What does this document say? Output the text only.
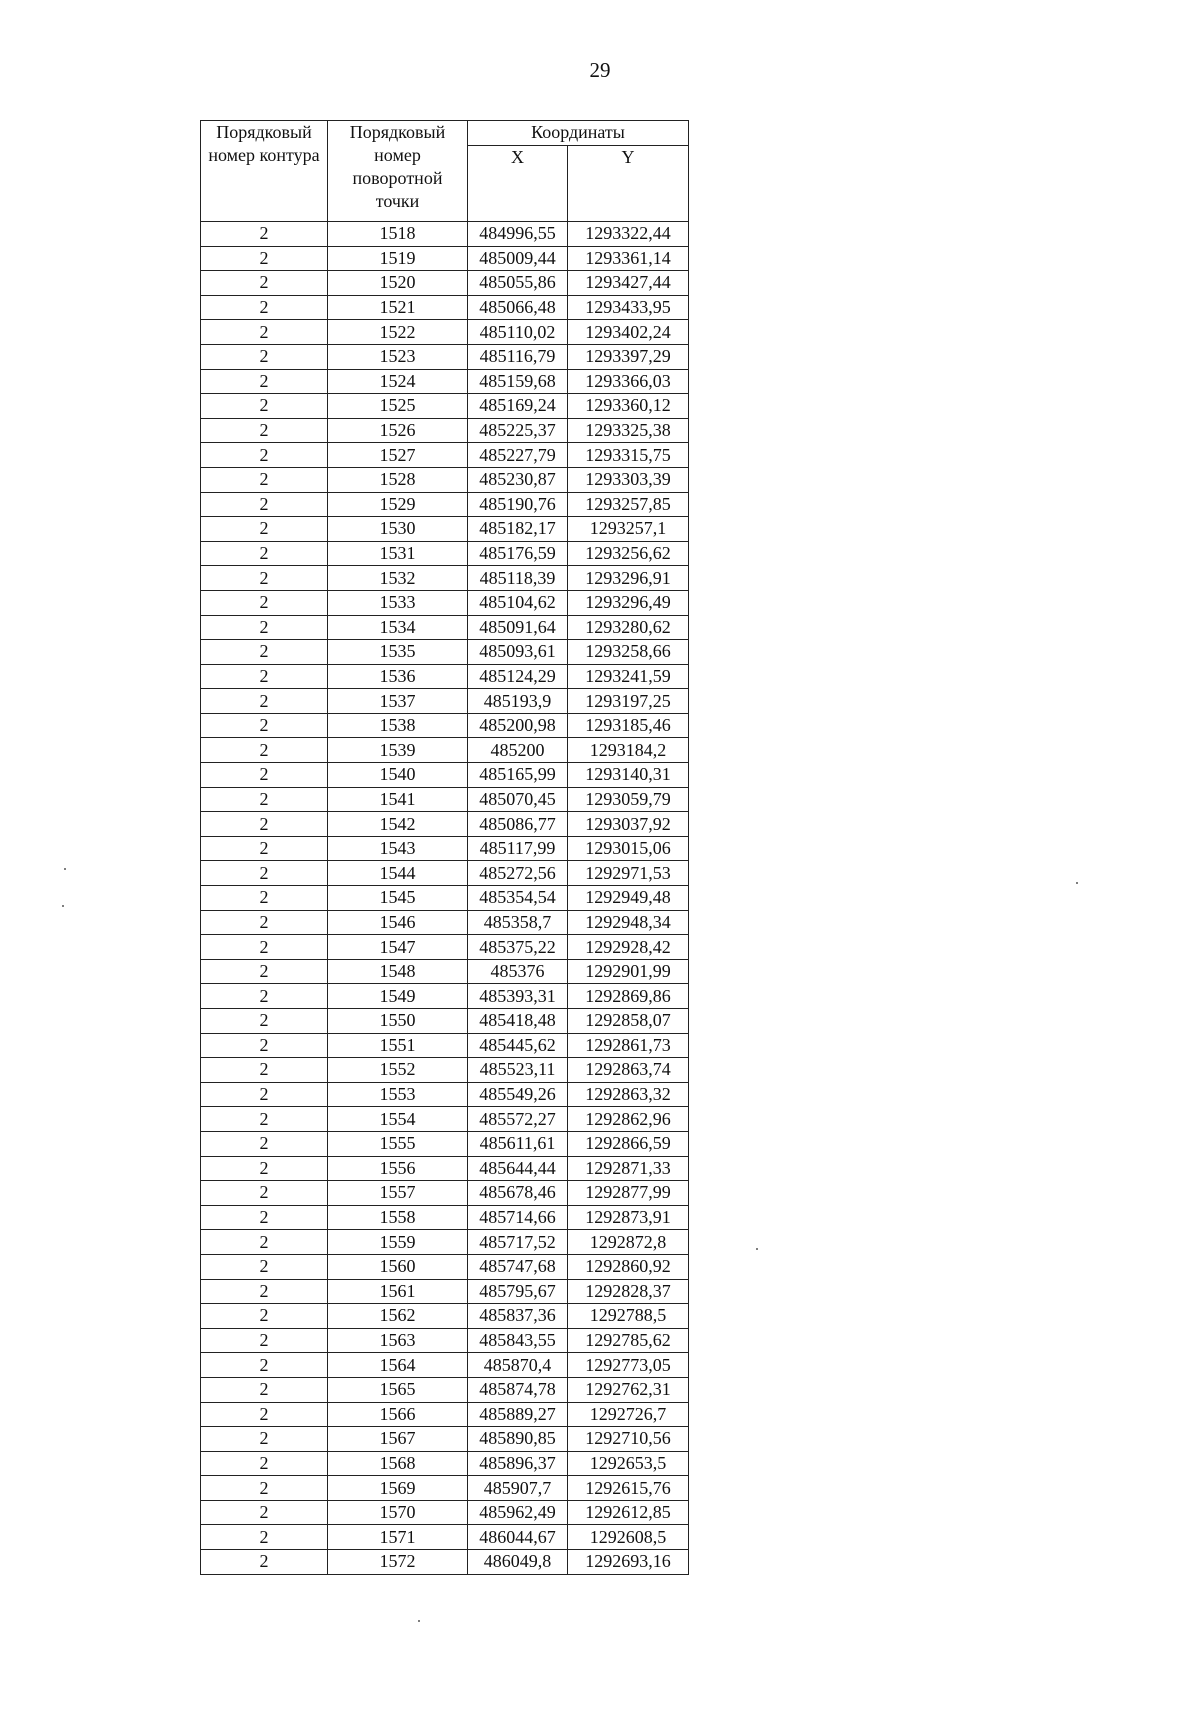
29
Порядковый
номер контура	Порядковый
номер
поворотной
точки	Координаты	
		X	Y
2	1518	484996,55	1293322,44
2	1519	485009,44	1293361,14
2	1520	485055,86	1293427,44
2	1521	485066,48	1293433,95
2	1522	485110,02	1293402,24
2	1523	485116,79	1293397,29
2	1524	485159,68	1293366,03
2	1525	485169,24	1293360,12
2	1526	485225,37	1293325,38
2	1527	485227,79	1293315,75
2	1528	485230,87	1293303,39
2	1529	485190,76	1293257,85
2	1530	485182,17	1293257,1
2	1531	485176,59	1293256,62
2	1532	485118,39	1293296,91
2	1533	485104,62	1293296,49
2	1534	485091,64	1293280,62
2	1535	485093,61	1293258,66
2	1536	485124,29	1293241,59
2	1537	485193,9	1293197,25
2	1538	485200,98	1293185,46
2	1539	485200	1293184,2
2	1540	485165,99	1293140,31
2	1541	485070,45	1293059,79
2	1542	485086,77	1293037,92
2	1543	485117,99	1293015,06
2	1544	485272,56	1292971,53
2	1545	485354,54	1292949,48
2	1546	485358,7	1292948,34
2	1547	485375,22	1292928,42
2	1548	485376	1292901,99
2	1549	485393,31	1292869,86
2	1550	485418,48	1292858,07
2	1551	485445,62	1292861,73
2	1552	485523,11	1292863,74
2	1553	485549,26	1292863,32
2	1554	485572,27	1292862,96
2	1555	485611,61	1292866,59
2	1556	485644,44	1292871,33
2	1557	485678,46	1292877,99
2	1558	485714,66	1292873,91
2	1559	485717,52	1292872,8
2	1560	485747,68	1292860,92
2	1561	485795,67	1292828,37
2	1562	485837,36	1292788,5
2	1563	485843,55	1292785,62
2	1564	485870,4	1292773,05
2	1565	485874,78	1292762,31
2	1566	485889,27	1292726,7
2	1567	485890,85	1292710,56
2	1568	485896,37	1292653,5
2	1569	485907,7	1292615,76
2	1570	485962,49	1292612,85
2	1571	486044,67	1292608,5
2	1572	486049,8	1292693,16
